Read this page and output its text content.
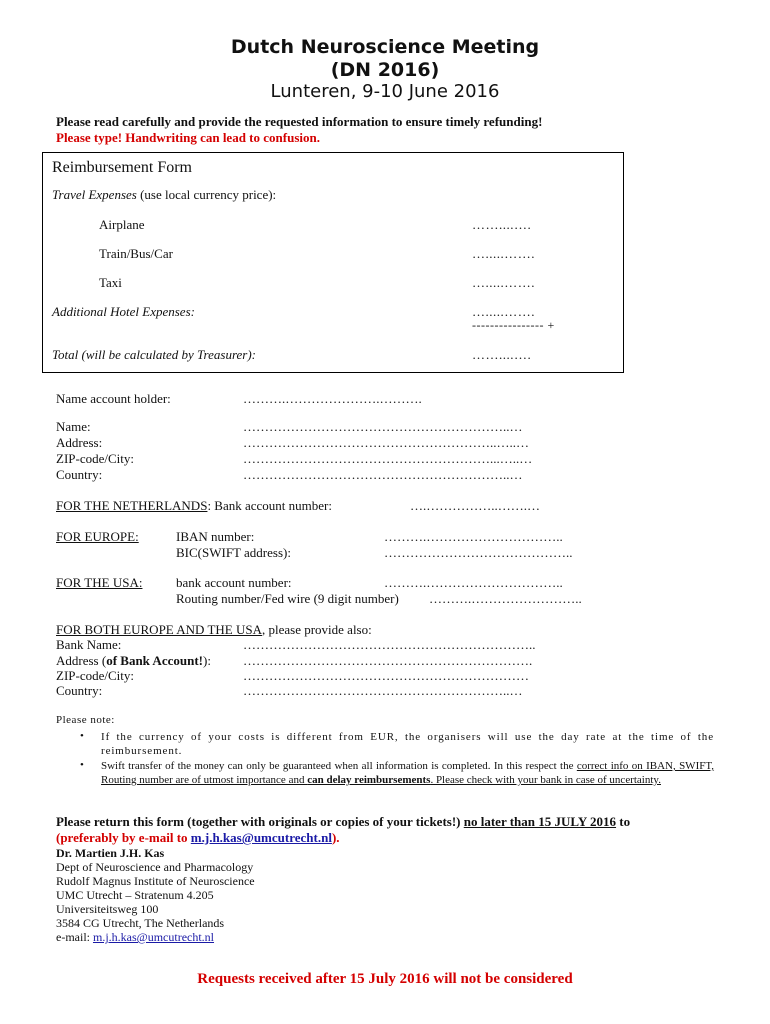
Dutch Neuroscience Meeting
(DN 2016)
Lunteren, 9-10 June 2016
Please read carefully and provide the requested information to ensure timely refunding!
Please type! Handwriting can lead to confusion.
Reimbursement Form
Travel Expenses (use local currency price):
Airplane	……....….
Train/Bus/Car	….....…….
Taxi	….....…….
Additional Hotel Expenses:	….....…….
---------------- +
Total (will be calculated by Treasurer):	……....….
Name account holder:	……….………………….……….
Name:	……………………………………………………..…
Address:	…………………………………………………..…..…
ZIP-code/City:	…………………………………………………...…..…
Country:	……………………………………………………..…
FOR THE NETHERLANDS: Bank account number:	….……………..…….…
FOR EUROPE:	IBAN number:	……….…………………………..
BIC(SWIFT address):	……………………………………..
FOR THE USA:	bank account number:	……….…………………………..
Routing number/Fed wire (9 digit number) ……….……………………..
FOR BOTH EUROPE AND THE USA, please provide also:
Bank Name:	…………………………………………………………..
Address (of Bank Account!): ………………………………………………………….
ZIP-code/City:	…………………………………………………………
Country:	……………………………………………………..…
Please note:
• If the currency of your costs is different from EUR, the organisers will use the day rate at the time of the reimbursement.
• Swift transfer of the money can only be guaranteed when all information is completed. In this respect the correct info on IBAN, SWIFT, Routing number are of utmost importance and can delay reimbursements. Please check with your bank in case of uncertainty.
Please return this form (together with originals or copies of your tickets!) no later than 15 JULY 2016 to
(preferably by e-mail to m.j.h.kas@umcutrecht.nl).
Dr. Martien J.H. Kas
Dept of Neuroscience and Pharmacology
Rudolf Magnus Institute of Neuroscience
UMC Utrecht – Stratenum 4.205
Universiteitsweg 100
3584 CG Utrecht, The Netherlands
e-mail: m.j.h.kas@umcutrecht.nl
Requests received after 15 July 2016 will not be considered
